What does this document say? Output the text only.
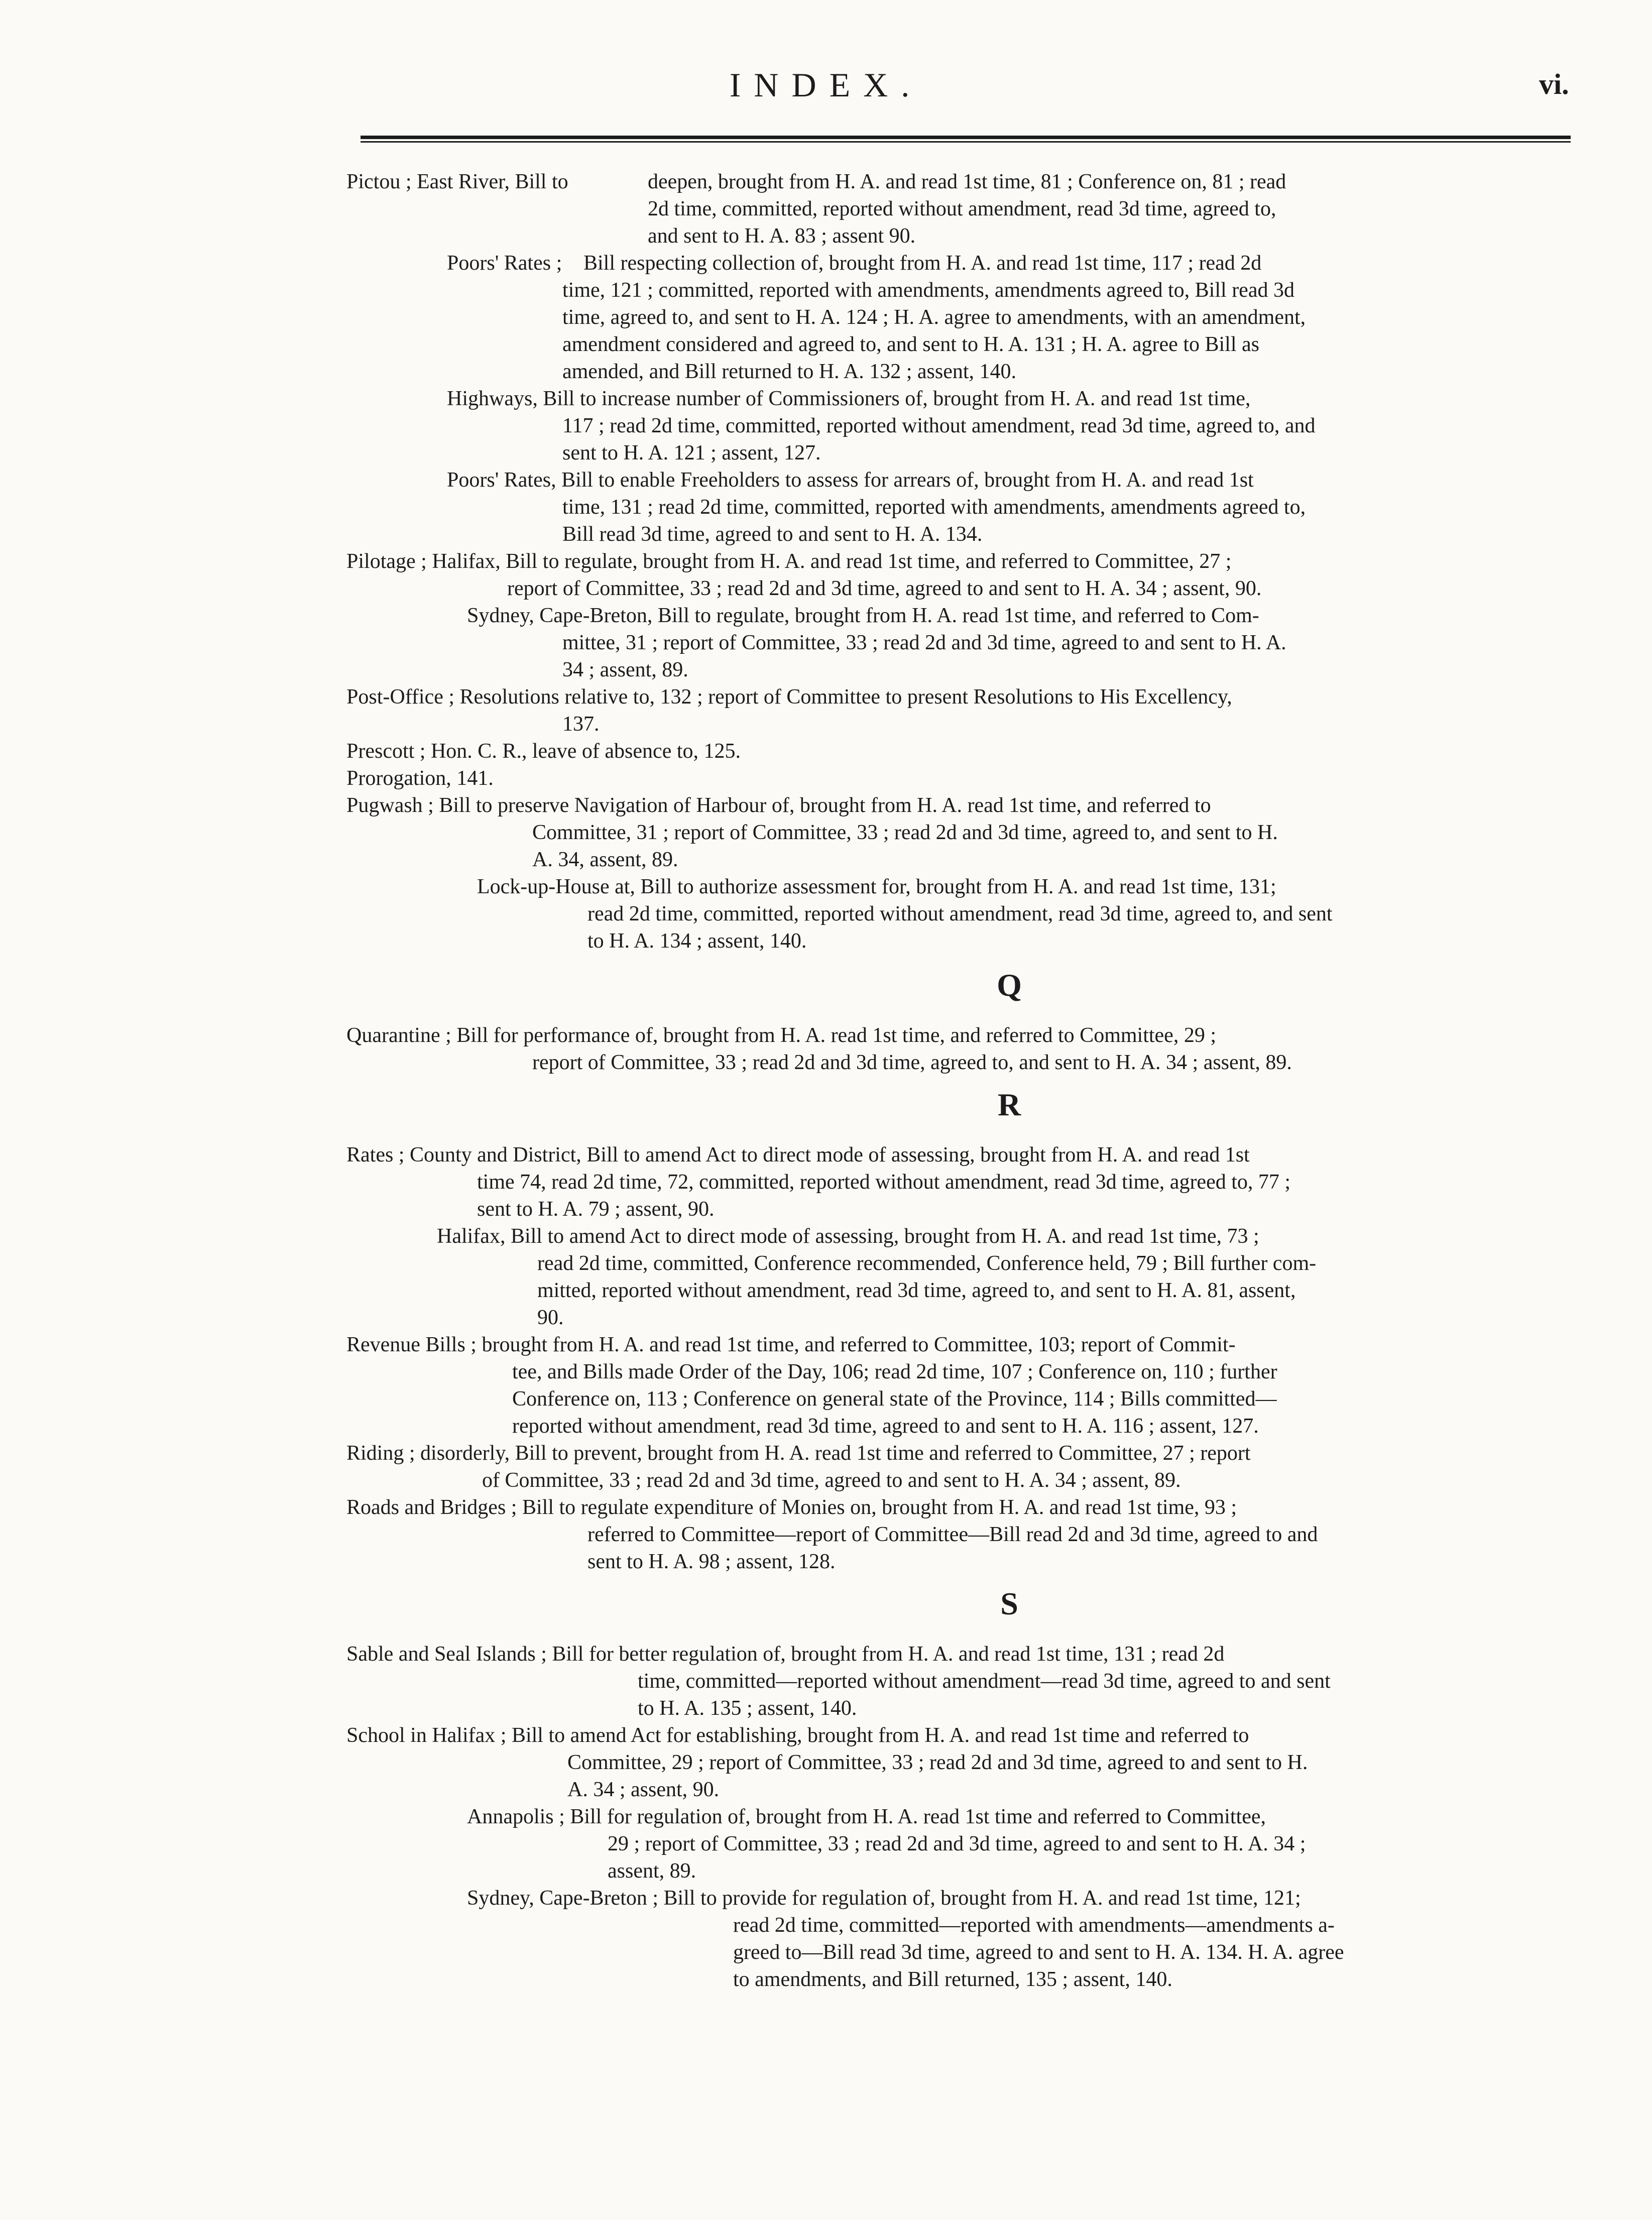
INDEX.	vi.
Pictou ; East River, Bill to	deepen, brought from H. A. and read 1st time, 81 ; Conference on, 81 ; read
2d time, committed, reported without amendment, read 3d time, agreed to,
and sent to H. A. 83 ; assent 90.
Poors' Rates ;	Bill respecting collection of, brought from H. A. and read 1st time, 117 ; read 2d
time, 121 ; committed, reported with amendments, amendments agreed to, Bill read 3d
time, agreed to, and sent to H. A. 124 ; H. A. agree to amendments, with an amendment,
amendment considered and agreed to, and sent to H. A. 131 ; H. A. agree to Bill as
amended, and Bill returned to H. A. 132 ; assent, 140.
Highways, Bill to increase number of Commissioners of, brought from H. A. and read 1st time,
117 ; read 2d time, committed, reported without amendment, read 3d time, agreed to, and
sent to H. A. 121 ; assent, 127.
Poors' Rates, Bill to enable Freeholders to assess for arrears of, brought from H. A. and read 1st
time, 131 ; read 2d time, committed, reported with amendments, amendments agreed to,
Bill read 3d time, agreed to and sent to H. A. 134.
Pilotage ; Halifax, Bill to regulate, brought from H. A. and read 1st time, and referred to Committee, 27 ;
report of Committee, 33 ; read 2d and 3d time, agreed to and sent to H. A. 34 ; assent, 90.
Sydney, Cape-Breton, Bill to regulate, brought from H. A. read 1st time, and referred to Com-
mittee, 31 ; report of Committee, 33 ; read 2d and 3d time, agreed to and sent to H. A.
34 ; assent, 89.
Post-Office ; Resolutions relative to, 132 ; report of Committee to present Resolutions to His Excellency,
137.
Prescott ; Hon. C. R., leave of absence to, 125.
Prorogation, 141.
Pugwash ; Bill to preserve Navigation of Harbour of, brought from H. A. read 1st time, and referred to
Committee, 31 ; report of Committee, 33 ; read 2d and 3d time, agreed to, and sent to H.
A. 34, assent, 89.
Lock-up-House at, Bill to authorize assessment for, brought from H. A. and read 1st time, 131;
read 2d time, committed, reported without amendment, read 3d time, agreed to, and sent
to H. A. 134 ; assent, 140.
Q
Quarantine ; Bill for performance of, brought from H. A. read 1st time, and referred to Committee, 29 ;
report of Committee, 33 ; read 2d and 3d time, agreed to, and sent to H. A. 34 ; assent, 89.
R
Rates ; County and District, Bill to amend Act to direct mode of assessing, brought from H. A. and read 1st
time 74, read 2d time, 72, committed, reported without amendment, read 3d time, agreed to, 77 ;
sent to H. A. 79 ; assent, 90.
Halifax, Bill to amend Act to direct mode of assessing, brought from H. A. and read 1st time, 73 ;
read 2d time, committed, Conference recommended, Conference held, 79 ; Bill further com-
mitted, reported without amendment, read 3d time, agreed to, and sent to H. A. 81, assent,
90.
Revenue Bills ; brought from H. A. and read 1st time, and referred to Committee, 103; report of Commit-
tee, and Bills made Order of the Day, 106; read 2d time, 107 ; Conference on, 110 ; further
Conference on, 113 ; Conference on general state of the Province, 114 ; Bills committed—
reported without amendment, read 3d time, agreed to and sent to H. A. 116 ; assent, 127.
Riding ; disorderly, Bill to prevent, brought from H. A. read 1st time and referred to Committee, 27 ; report
of Committee, 33 ; read 2d and 3d time, agreed to and sent to H. A. 34 ; assent, 89.
Roads and Bridges ; Bill to regulate expenditure of Monies on, brought from H. A. and read 1st time, 93 ;
referred to Committee—report of Committee—Bill read 2d and 3d time, agreed to and
sent to H. A. 98 ; assent, 128.
S
Sable and Seal Islands ; Bill for better regulation of, brought from H. A. and read 1st time, 131 ; read 2d
time, committed—reported without amendment—read 3d time, agreed to and sent
to H. A. 135 ; assent, 140.
School in Halifax ; Bill to amend Act for establishing, brought from H. A. and read 1st time and referred to
Committee, 29 ; report of Committee, 33 ; read 2d and 3d time, agreed to and sent to H.
A. 34 ; assent, 90.
Annapolis ; Bill for regulation of, brought from H. A. read 1st time and referred to Committee,
29 ; report of Committee, 33 ; read 2d and 3d time, agreed to and sent to H. A. 34 ;
assent, 89.
Sydney, Cape-Breton ; Bill to provide for regulation of, brought from H. A. and read 1st time, 121;
read 2d time, committed—reported with amendments—amendments a-
greed to—Bill read 3d time, agreed to and sent to H. A. 134. H. A. agree
to amendments, and Bill returned, 135 ; assent, 140.
